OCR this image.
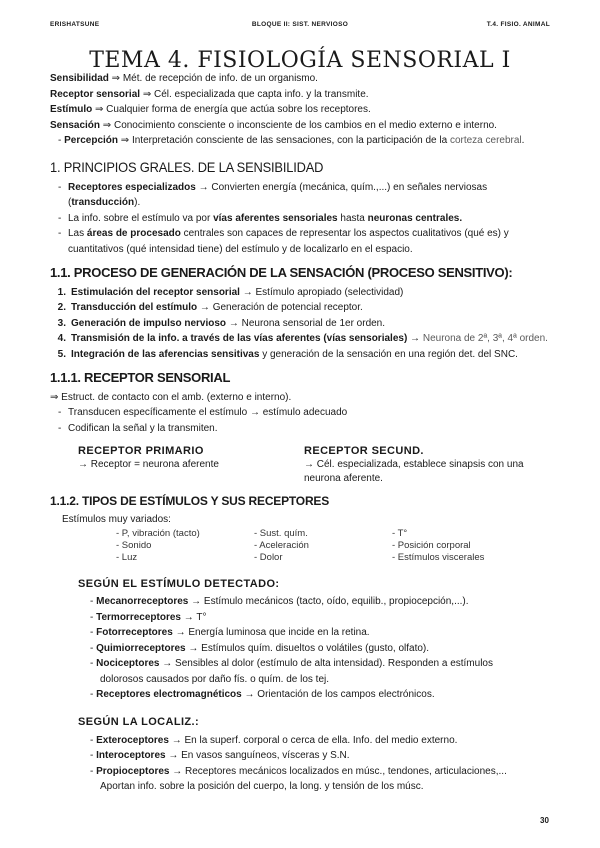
ERISHATSUNE	BLOQUE II: SIST. NERVIOSO	T.4. FISIO. ANIMAL
TEMA 4. FISIOLOGÍA SENSORIAL I
Sensibilidad ⇒ Mét. de recepción de info. de un organismo.
Receptor sensorial ⇒ Cél. especializada que capta info. y la transmite.
Estímulo ⇒ Cualquier forma de energía que actúa sobre los receptores.
Sensación ⇒ Conocimiento consciente o inconsciente de los cambios en el medio externo e interno.
- Percepción ⇒ Interpretación consciente de las sensaciones, con la participación de la corteza cerebral.
1. PRINCIPIOS GRALES. DE LA SENSIBILIDAD
- Receptores especializados → Convierten energía (mecánica, quím.,...) en señales nerviosas
(transducción).
- La info. sobre el estímulo va por vías aferentes sensoriales hasta neuronas centrales.
- Las áreas de procesado centrales son capaces de representar los aspectos cualitativos (qué es) y
cuantitativos (qué intensidad tiene) del estímulo y de localizarlo en el espacio.
1.1. PROCESO DE GENERACIÓN DE LA SENSACIÓN (PROCESO SENSITIVO):
1. Estimulación del receptor sensorial → Estímulo apropiado (selectividad)
2. Transducción del estímulo → Generación de potencial receptor.
3. Generación de impulso nervioso → Neurona sensorial de 1er orden.
4. Transmisión de la info. a través de las vías aferentes (vías sensoriales) → Neurona de 2ª, 3ª, 4ª orden.
5. Integración de las aferencias sensitivas y generación de la sensación en una región det. del SNC.
1.1.1. RECEPTOR SENSORIAL
⇒ Estruct. de contacto con el amb. (externo e interno).
- Transducen específicamente el estímulo → estímulo adecuado
- Codifican la señal y la transmiten.
RECEPTOR PRIMARIO
→ Receptor = neurona aferente
RECEPTOR SECUND.
→ Cél. especializada, establece sinapsis con una
neurona aferente.
1.1.2. TIPOS DE ESTÍMULOS Y SUS RECEPTORES
Estímulos muy variados:
- P, vibración (tacto)
- Sonido
- Luz
- Sust. quím.
- Aceleración
- Dolor
- T°
- Posición corporal
- Estímulos viscerales
SEGÚN EL ESTÍMULO DETECTADO:
- Mecanorreceptores → Estímulo mecánicos (tacto, oído, equilib., propiocepción,...).
- Termorreceptores → T°
- Fotorreceptores → Energía luminosa que incide en la retina.
- Quimiorreceptores → Estímulos quím. disueltos o volátiles (gusto, olfato).
- Nociceptores → Sensibles al dolor (estímulo de alta intensidad). Responden a estímulos
dolorosos causados por daño fís. o quím. de los tej.
- Receptores electromagnéticos → Orientación de los campos electrónicos.
SEGÚN LA LOCALIZ.:
- Exteroceptores → En la superf. corporal o cerca de ella. Info. del medio externo.
- Interoceptores → En vasos sanguíneos, vísceras y S.N.
- Propioceptores → Receptores mecánicos localizados en músc., tendones, articulaciones,...
Aportan info. sobre la posición del cuerpo, la long. y tensión de los músc.
30
